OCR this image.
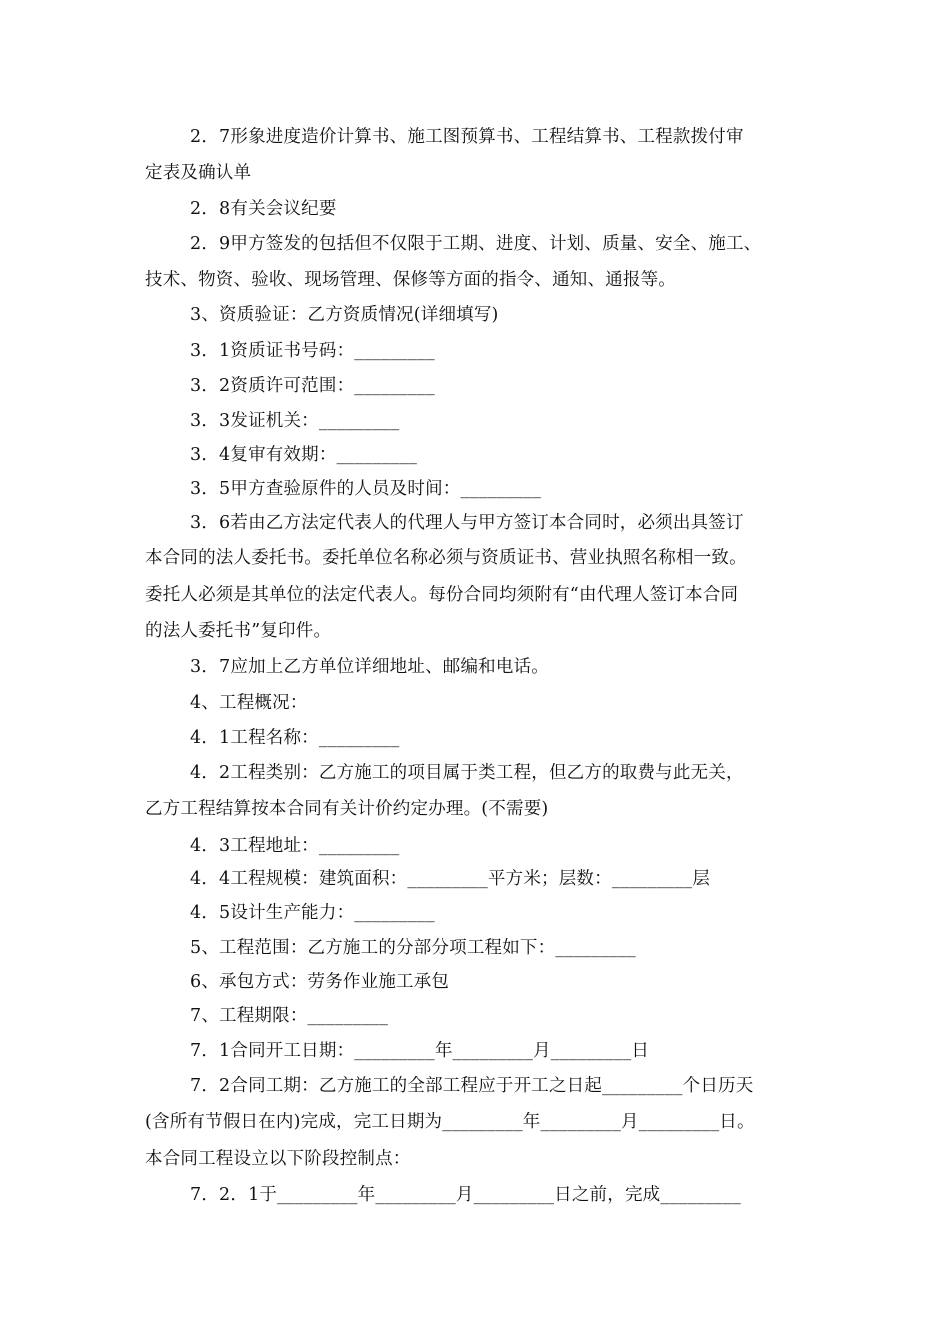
2．7形象进度造价计算书、施工图预算书、工程结算书、工程款拨付审
定表及确认单
2．8有关会议纪要
2．9甲方签发的包括但不仅限于工期、进度、计划、质量、安全、施工、
技术、物资、验收、现场管理、保修等方面的指令、通知、通报等。
3、资质验证：乙方资质情况(详细填写)
3．1资质证书号码：_________
3．2资质许可范围：_________
3．3发证机关：_________
3．4复审有效期：_________
3．5甲方查验原件的人员及时间：_________
3．6若由乙方法定代表人的代理人与甲方签订本合同时，必须出具签订
本合同的法人委托书。委托单位名称必须与资质证书、营业执照名称相一致。
委托人必须是其单位的法定代表人。每份合同均须附有“由代理人签订本合同
的法人委托书”复印件。
3．7应加上乙方单位详细地址、邮编和电话。
4、工程概况：
4．1工程名称：_________
4．2工程类别：乙方施工的项目属于类工程，但乙方的取费与此无关，
乙方工程结算按本合同有关计价约定办理。(不需要)
4．3工程地址：_________
4．4工程规模：建筑面积：_________平方米；层数：_________层
4．5设计生产能力：_________
5、工程范围：乙方施工的分部分项工程如下：_________
6、承包方式：劳务作业施工承包
7、工程期限：_________
7．1合同开工日期：_________年_________月_________日
7．2合同工期：乙方施工的全部工程应于开工之日起_________个日历天
(含所有节假日在内)完成，完工日期为_________年_________月_________日。
本合同工程设立以下阶段控制点：
7．2．1于_________年_________月_________日之前，完成_________
